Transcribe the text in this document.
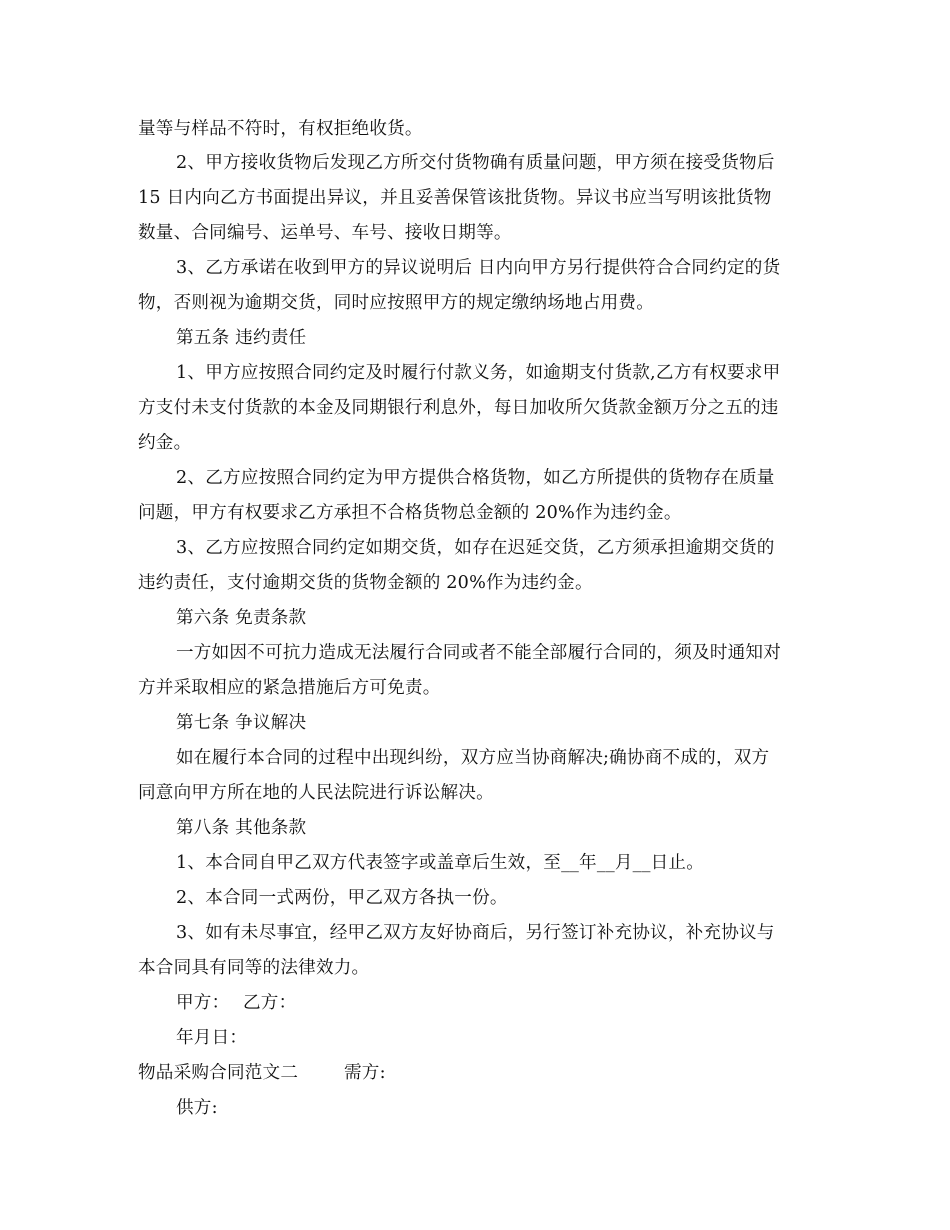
量等与样品不符时，有权拒绝收货。
2、甲方接收货物后发现乙方所交付货物确有质量问题，甲方须在接受货物后
15 日内向乙方书面提出异议，并且妥善保管该批货物。异议书应当写明该批货物
数量、合同编号、运单号、车号、接收日期等。
3、乙方承诺在收到甲方的异议说明后 日内向甲方另行提供符合合同约定的货
物，否则视为逾期交货，同时应按照甲方的规定缴纳场地占用费。
第五条 违约责任
1、甲方应按照合同约定及时履行付款义务，如逾期支付货款,乙方有权要求甲
方支付未支付货款的本金及同期银行利息外，每日加收所欠货款金额万分之五的违
约金。
2、乙方应按照合同约定为甲方提供合格货物，如乙方所提供的货物存在质量
问题，甲方有权要求乙方承担不合格货物总金额的 20%作为违约金。
3、乙方应按照合同约定如期交货，如存在迟延交货，乙方须承担逾期交货的
违约责任，支付逾期交货的货物金额的 20%作为违约金。
第六条 免责条款
一方如因不可抗力造成无法履行合同或者不能全部履行合同的，须及时通知对
方并采取相应的紧急措施后方可免责。
第七条 争议解决
如在履行本合同的过程中出现纠纷，双方应当协商解决;确协商不成的，双方
同意向甲方所在地的人民法院进行诉讼解决。
第八条 其他条款
1、本合同自甲乙双方代表签字或盖章后生效，至__年__月__日止。
2、本合同一式两份，甲乙双方各执一份。
3、如有未尽事宜，经甲乙双方友好协商后，另行签订补充协议，补充协议与
本合同具有同等的法律效力。
甲方： 乙方：
年月日：
物品采购合同范文二	需方:
供方:
